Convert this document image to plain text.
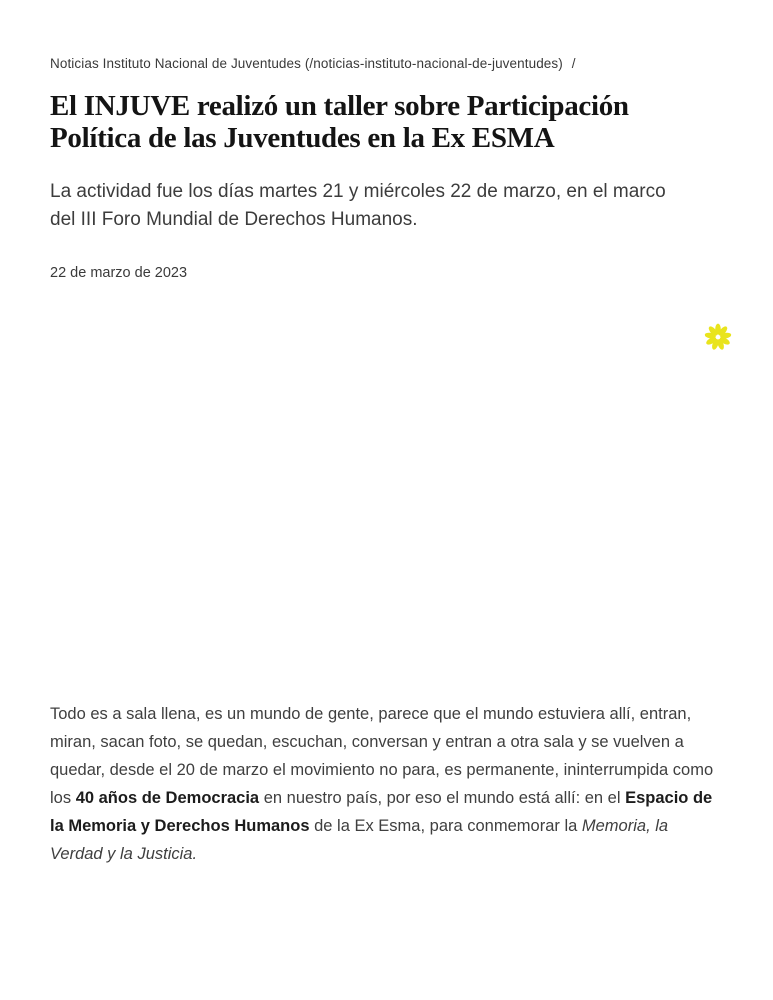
Noticias Instituto Nacional de Juventudes (/noticias-instituto-nacional-de-juventudes) /
El INJUVE realizó un taller sobre Participación
Política de las Juventudes en la Ex ESMA

La actividad fue los días martes 21 y miércoles 22 de marzo, en el marco
del III Foro Mundial de Derechos Humanos.

22 de marzo de 2023

Todo es a sala llena, es un mundo de gente, parece que el mundo estuviera allí, entran, miran, sacan foto, se quedan, escuchan, conversan y entran a otra sala y se vuelven a quedar, desde el 20 de marzo el movimiento no para, es permanente, ininterrumpida como los 40 años de Democracia en nuestro país, por eso el mundo está allí: en el Espacio de la Memoria y Derechos Humanos de la Ex Esma, para conmemorar la Memoria, la Verdad y la Justicia.
